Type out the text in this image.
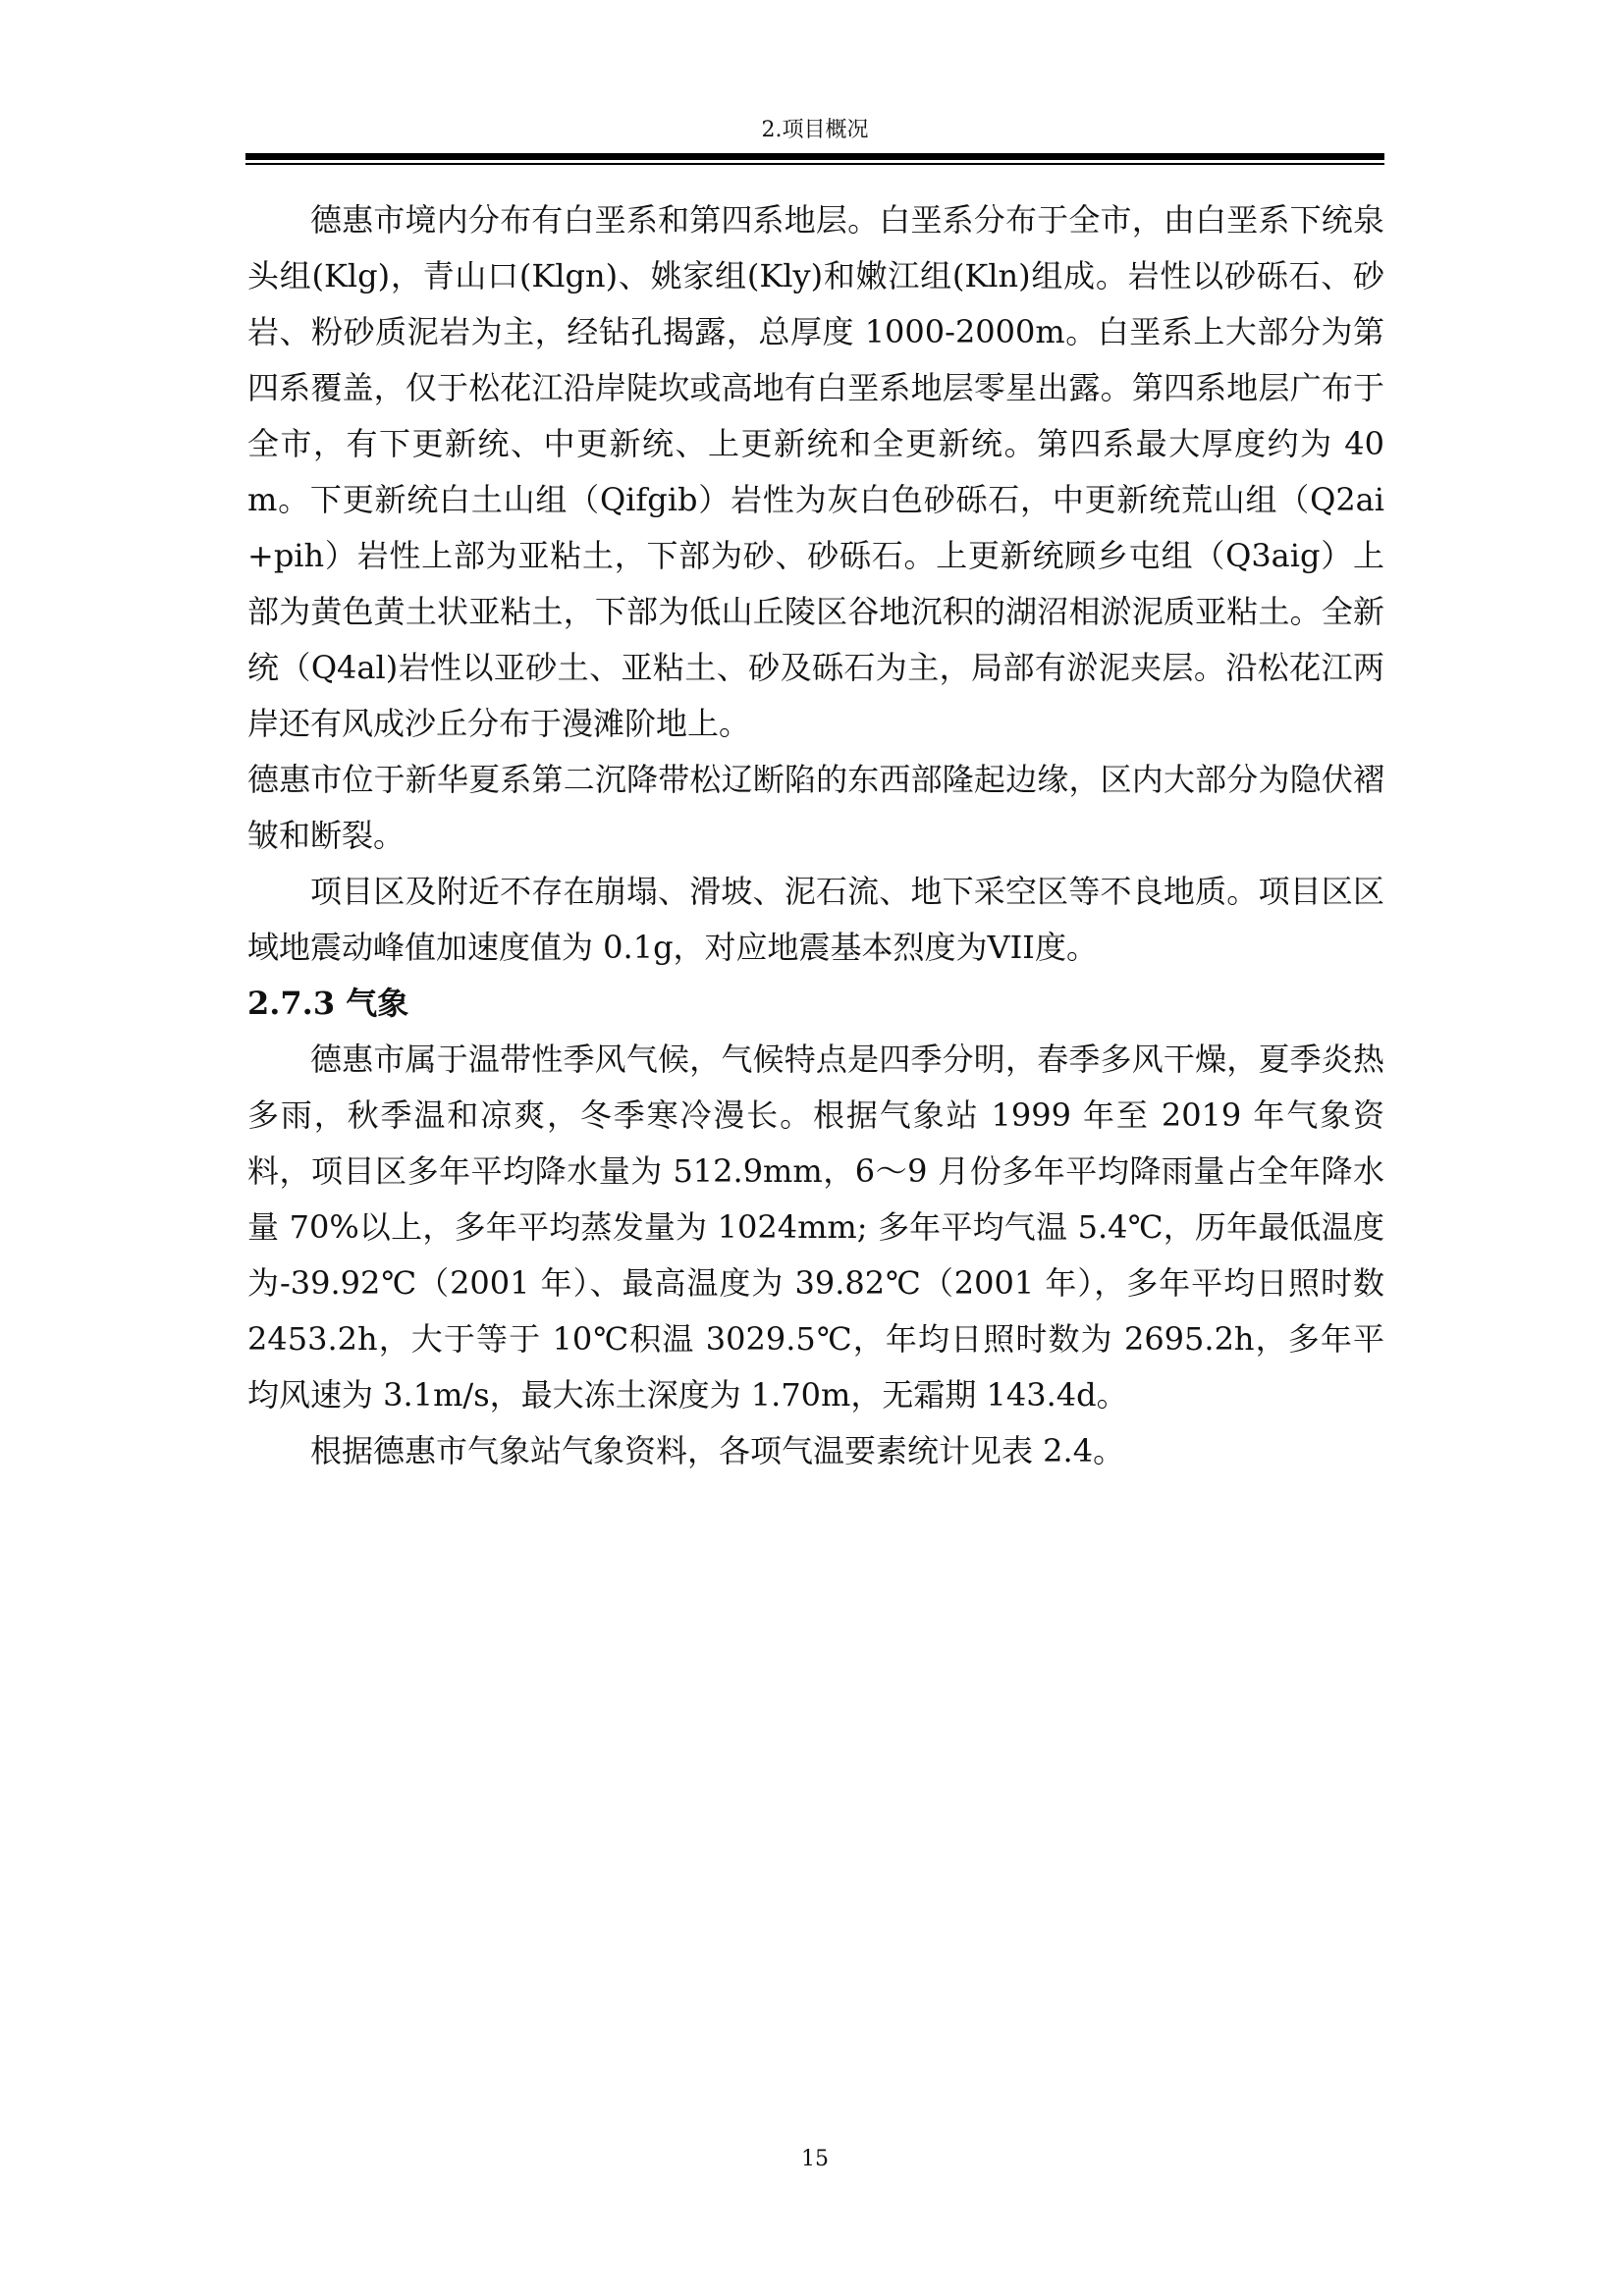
2.项目概况

德惠市境内分布有白垩系和第四系地层。白垩系分布于全市，由白垩系下统泉头组(Klg)，青山口(Klgn)、姚家组(Kly)和嫩江组(Kln)组成。岩性以砂砾石、砂岩、粉砂质泥岩为主，经钻孔揭露，总厚度 1000-2000m。白垩系上大部分为第四系覆盖，仅于松花江沿岸陡坎或高地有白垩系地层零星出露。第四系地层广布于全市，有下更新统、中更新统、上更新统和全更新统。第四系最大厚度约为 40m。下更新统白土山组（Qifgib）岩性为灰白色砂砾石，中更新统荒山组（Q2ai+pih）岩性上部为亚粘土，下部为砂、砂砾石。上更新统顾乡屯组（Q3aig）上部为黄色黄土状亚粘土，下部为低山丘陵区谷地沉积的湖沼相淤泥质亚粘土。全新统（Q4al)岩性以亚砂土、亚粘土、砂及砾石为主，局部有淤泥夹层。沿松花江两岸还有风成沙丘分布于漫滩阶地上。

德惠市位于新华夏系第二沉降带松辽断陷的东西部隆起边缘，区内大部分为隐伏褶皱和断裂。

项目区及附近不存在崩塌、滑坡、泥石流、地下采空区等不良地质。项目区区域地震动峰值加速度值为 0.1g，对应地震基本烈度为VII度。

2.7.3 气象

德惠市属于温带性季风气候，气候特点是四季分明，春季多风干燥，夏季炎热多雨，秋季温和凉爽，冬季寒冷漫长。根据气象站 1999 年至 2019 年气象资料，项目区多年平均降水量为 512.9mm，6～9 月份多年平均降雨量占全年降水量 70%以上，多年平均蒸发量为 1024mm; 多年平均气温 5.4℃，历年最低温度为-39.92℃（2001 年）、最高温度为 39.82℃（2001 年），多年平均日照时数 2453.2h，大于等于 10℃积温 3029.5℃，年均日照时数为 2695.2h，多年平均风速为 3.1m/s，最大冻土深度为 1.70m，无霜期 143.4d。

根据德惠市气象站气象资料，各项气温要素统计见表 2.4。

15
